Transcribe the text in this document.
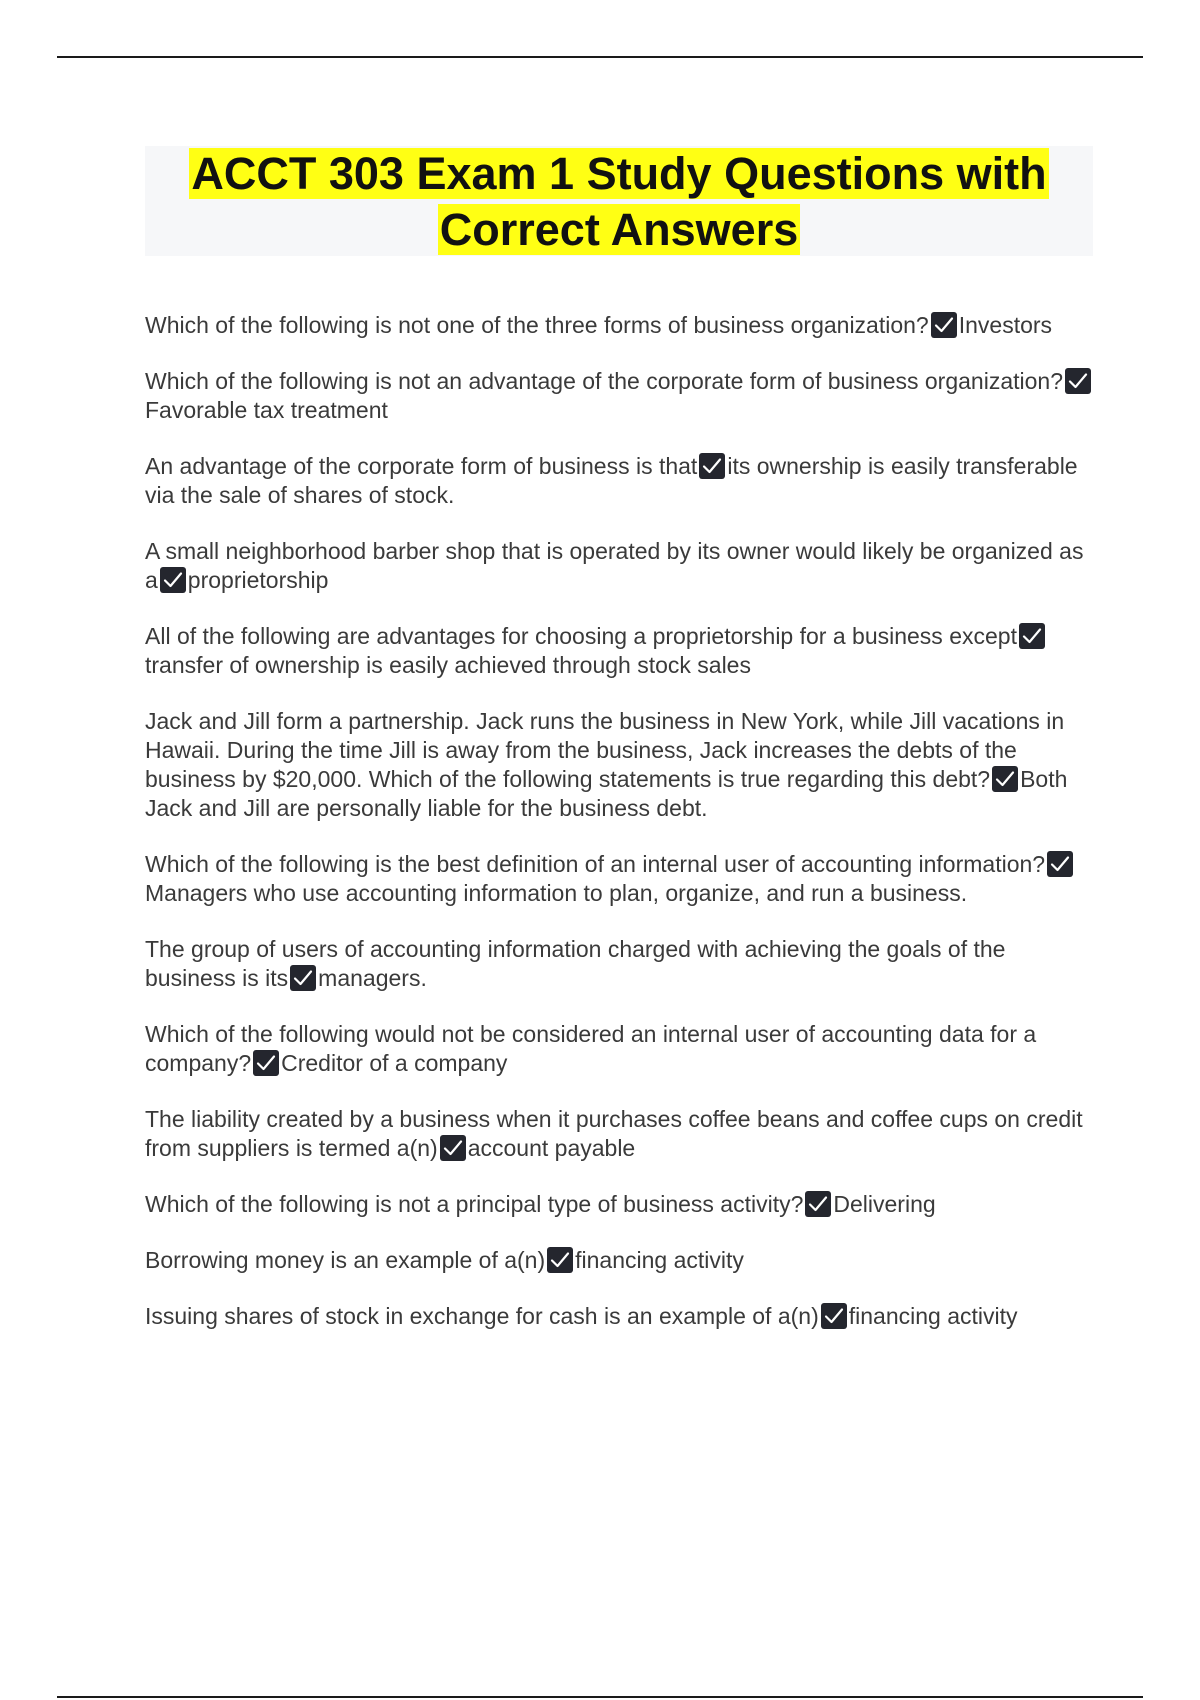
ACCT 303 Exam 1 Study Questions with Correct Answers

Which of the following is not one of the three forms of business organization? Investors

Which of the following is not an advantage of the corporate form of business organization?
Favorable tax treatment

An advantage of the corporate form of business is that its ownership is easily transferable via the sale of shares of stock.

A small neighborhood barber shop that is operated by its owner would likely be organized as a proprietorship

All of the following are advantages for choosing a proprietorship for a business except
transfer of ownership is easily achieved through stock sales

Jack and Jill form a partnership. Jack runs the business in New York, while Jill vacations in Hawaii. During the time Jill is away from the business, Jack increases the debts of the business by $20,000. Which of the following statements is true regarding this debt? Both Jack and Jill are personally liable for the business debt.

Which of the following is the best definition of an internal user of accounting information?
Managers who use accounting information to plan, organize, and run a business.

The group of users of accounting information charged with achieving the goals of the business is its managers.

Which of the following would not be considered an internal user of accounting data for a company? Creditor of a company

The liability created by a business when it purchases coffee beans and coffee cups on credit from suppliers is termed a(n) account payable

Which of the following is not a principal type of business activity? Delivering

Borrowing money is an example of a(n) financing activity

Issuing shares of stock in exchange for cash is an example of a(n) financing activity
